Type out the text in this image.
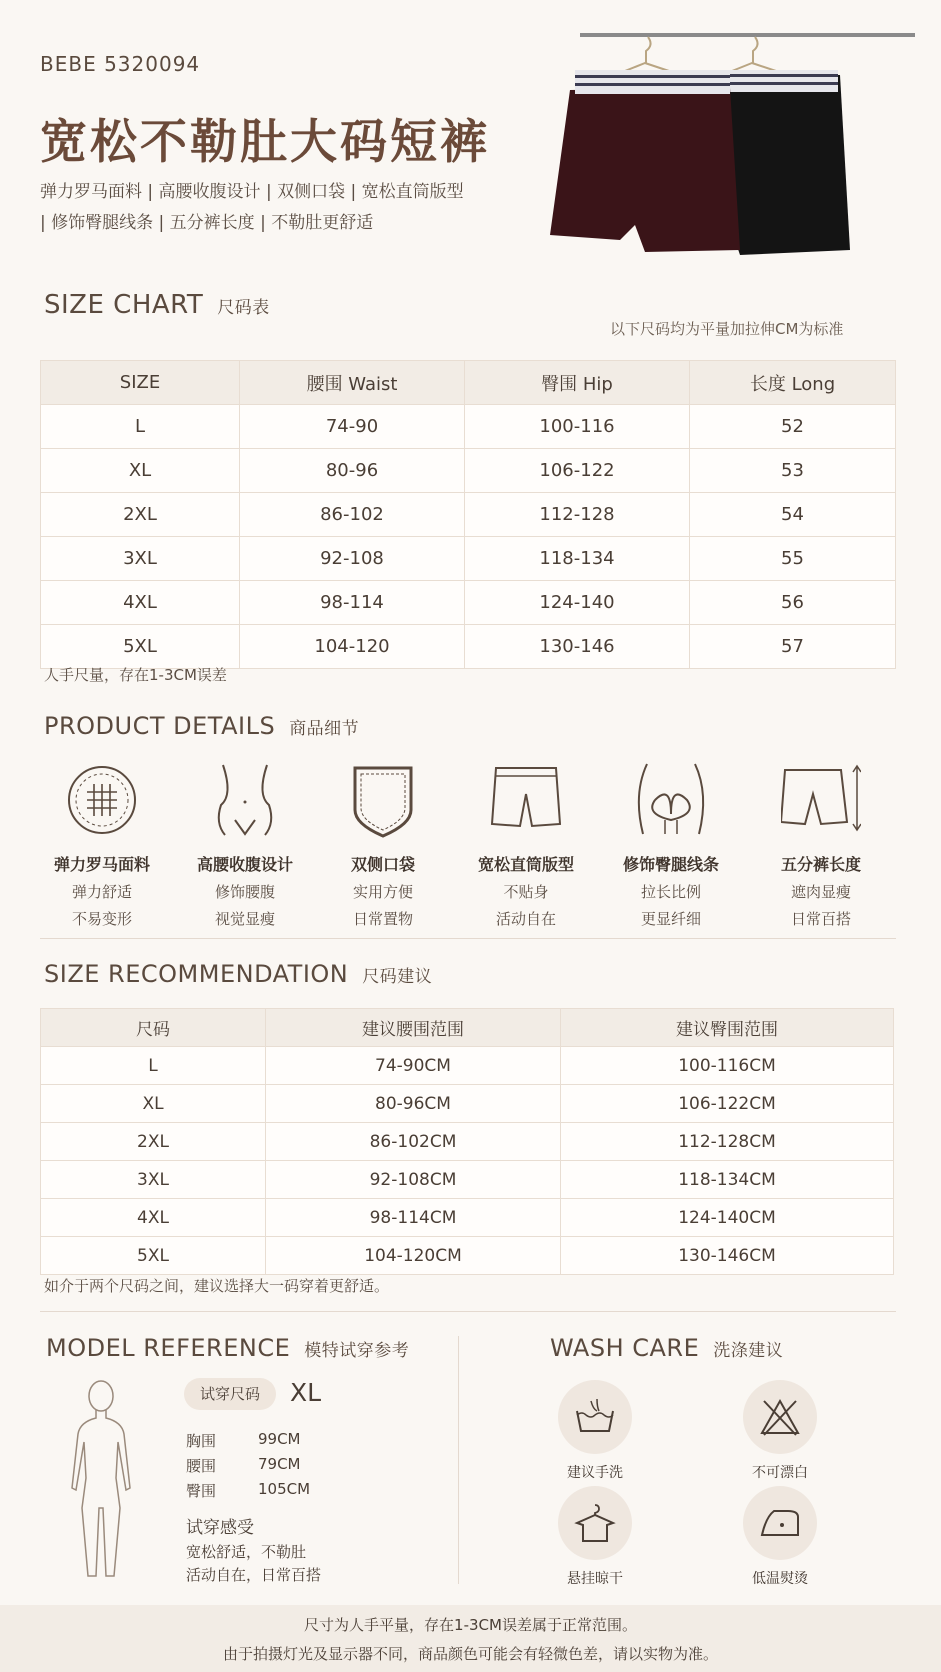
BEBE 5320094
宽松不勒肚大码短裤
弹力罗马面料 | 高腰收腹设计 | 双侧口袋 | 宽松直筒版型
| 修饰臀腿线条 | 五分裤长度 | 不勒肚更舒适
SIZE CHART 尺码表
以下尺码均为平量加拉伸CM为标准
SIZE	腰围 Waist	臀围 Hip	长度 Long
L	74-90	100-116	52
XL	80-96	106-122	53
2XL	86-102	112-128	54
3XL	92-108	118-134	55
4XL	98-114	124-140	56
5XL	104-120	130-146	57
人手尺量，存在1-3CM误差
PRODUCT DETAILS 商品细节
弹力罗马面料
弹力舒适
不易变形
高腰收腹设计
修饰腰腹
视觉显瘦
双侧口袋
实用方便
日常置物
宽松直筒版型
不贴身
活动自在
修饰臀腿线条
拉长比例
更显纤细
五分裤长度
遮肉显瘦
日常百搭
SIZE RECOMMENDATION 尺码建议
尺码	建议腰围范围	建议臀围范围
L	74-90CM	100-116CM
XL	80-96CM	106-122CM
2XL	86-102CM	112-128CM
3XL	92-108CM	118-134CM
4XL	98-114CM	124-140CM
5XL	104-120CM	130-146CM
如介于两个尺码之间，建议选择大一码穿着更舒适。
MODEL REFERENCE 模特试穿参考
试穿尺码	XL
胸围	99CM
腰围	79CM
臀围	105CM
试穿感受
宽松舒适，不勒肚
活动自在，日常百搭
WASH CARE 洗涤建议
建议手洗	不可漂白
悬挂晾干	低温熨烫
尺寸为人手平量，存在1-3CM误差属于正常范围。
由于拍摄灯光及显示器不同，商品颜色可能会有轻微色差，请以实物为准。
